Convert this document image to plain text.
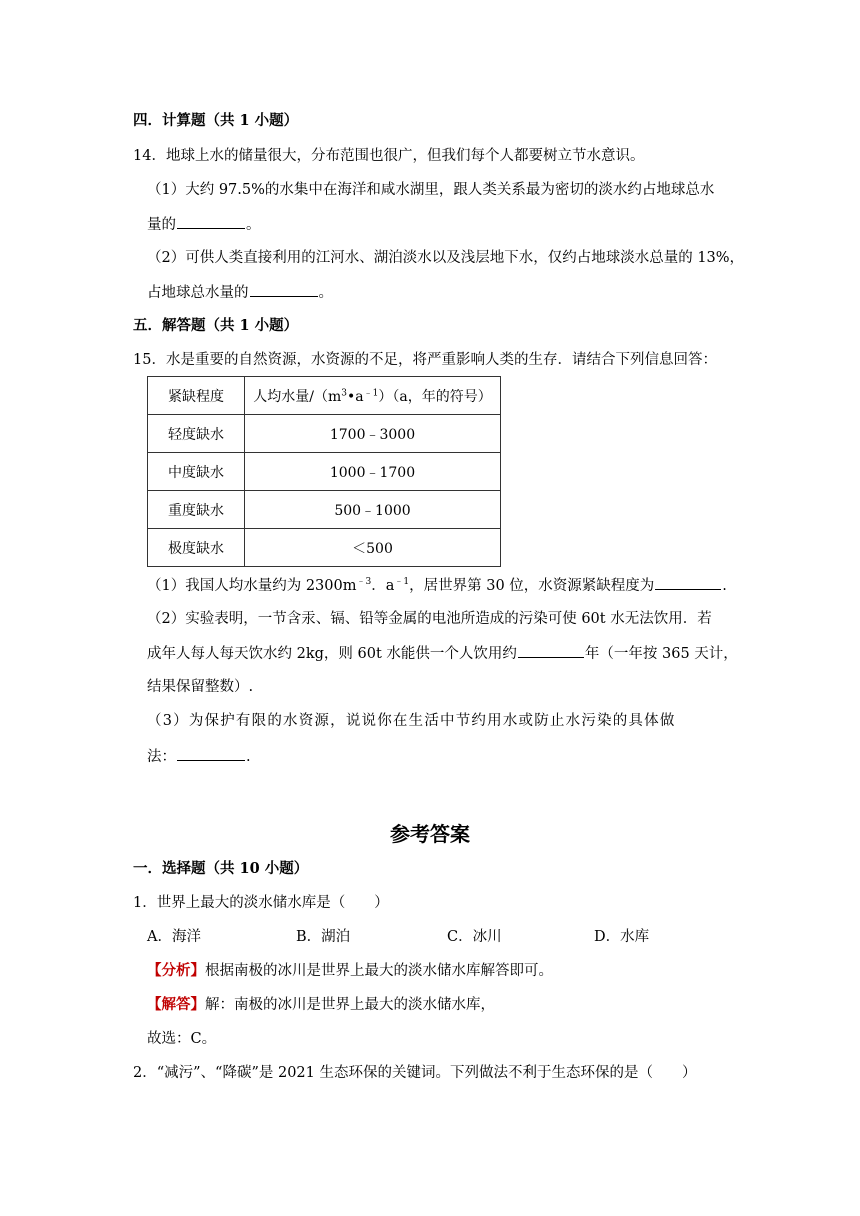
四．计算题（共 1 小题）
14．地球上水的储量很大，分布范围也很广，但我们每个人都要树立节水意识。
（1）大约 97.5%的水集中在海洋和咸水湖里，跟人类关系最为密切的淡水约占地球总水
量的	。
（2）可供人类直接利用的江河水、湖泊淡水以及浅层地下水，仅约占地球淡水总量的 13%，
占地球总水量的	。
五．解答题（共 1 小题）
15．水是重要的自然资源，水资源的不足，将严重影响人类的生存．请结合下列信息回答：
紧缺程度	人均水量$/(m^3•a^{﹣1})(a$，年的符号）
轻度缺水	1700﹣3000
中度缺水	1000﹣1700
重度缺水	500﹣1000
极度缺水	＜500
（1）我国人均水量约为 $2300m^{﹣3}$．$a^{﹣1}$，居世界第 30 位，水资源紧缺程度为	.
（2）实验表明，一节含汞、镉、铅等金属的电池所造成的污染可使 60t 水无法饮用．若
成年人每人每天饮水约 2kg，则 60t 水能供一个人饮用约	年（一年按 365 天计，
结果保留整数）.
（3）为保护有限的水资源，说说你在生活中节约用水或防止水污染的具体做
法：	.
参考答案
一．选择题（共 10 小题）
1．世界上最大的淡水储水库是（　　）
A．海洋	B．湖泊	C．冰川	D．水库
【分析】根据南极的冰川是世界上最大的淡水储水库解答即可。
【解答】解：南极的冰川是世界上最大的淡水储水库，
故选：C。
2．“减污”、“降碳”是 2021 生态环保的关键词。下列做法不利于生态环保的是（　　）
